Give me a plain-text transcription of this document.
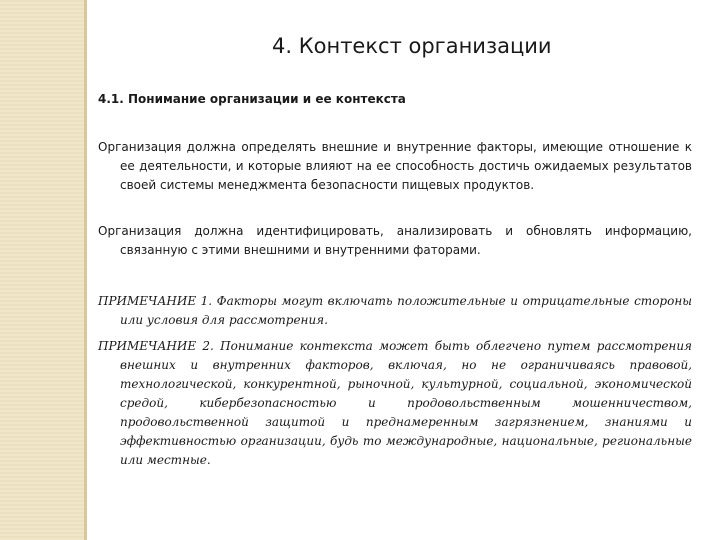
4. Контекст организации
4.1. Понимание организации и ее контекста

Организация должна определять внешние и внутренние факторы, имеющие отношение к ее деятельности, и которые влияют на ее способность достичь ожидаемых результатов своей системы менеджмента безопасности пищевых продуктов.

Организация должна идентифицировать, анализировать и обновлять информацию, связанную с этими внешними и внутренними фаторами.

ПРИМЕЧАНИЕ 1. Факторы могут включать положительные и отрицательные стороны или условия для рассмотрения.

ПРИМЕЧАНИЕ 2. Понимание контекста может быть облегчено путем рассмотрения внешних и внутренних факторов, включая, но не ограничиваясь правовой, технологической, конкурентной, рыночной, культурной, социальной, экономической средой, кибербезопасностью и продовольственным мошенничеством, продовольственной защитой и преднамеренным загрязнением, знаниями и эффективностью организации, будь то международные, национальные, региональные или местные.
